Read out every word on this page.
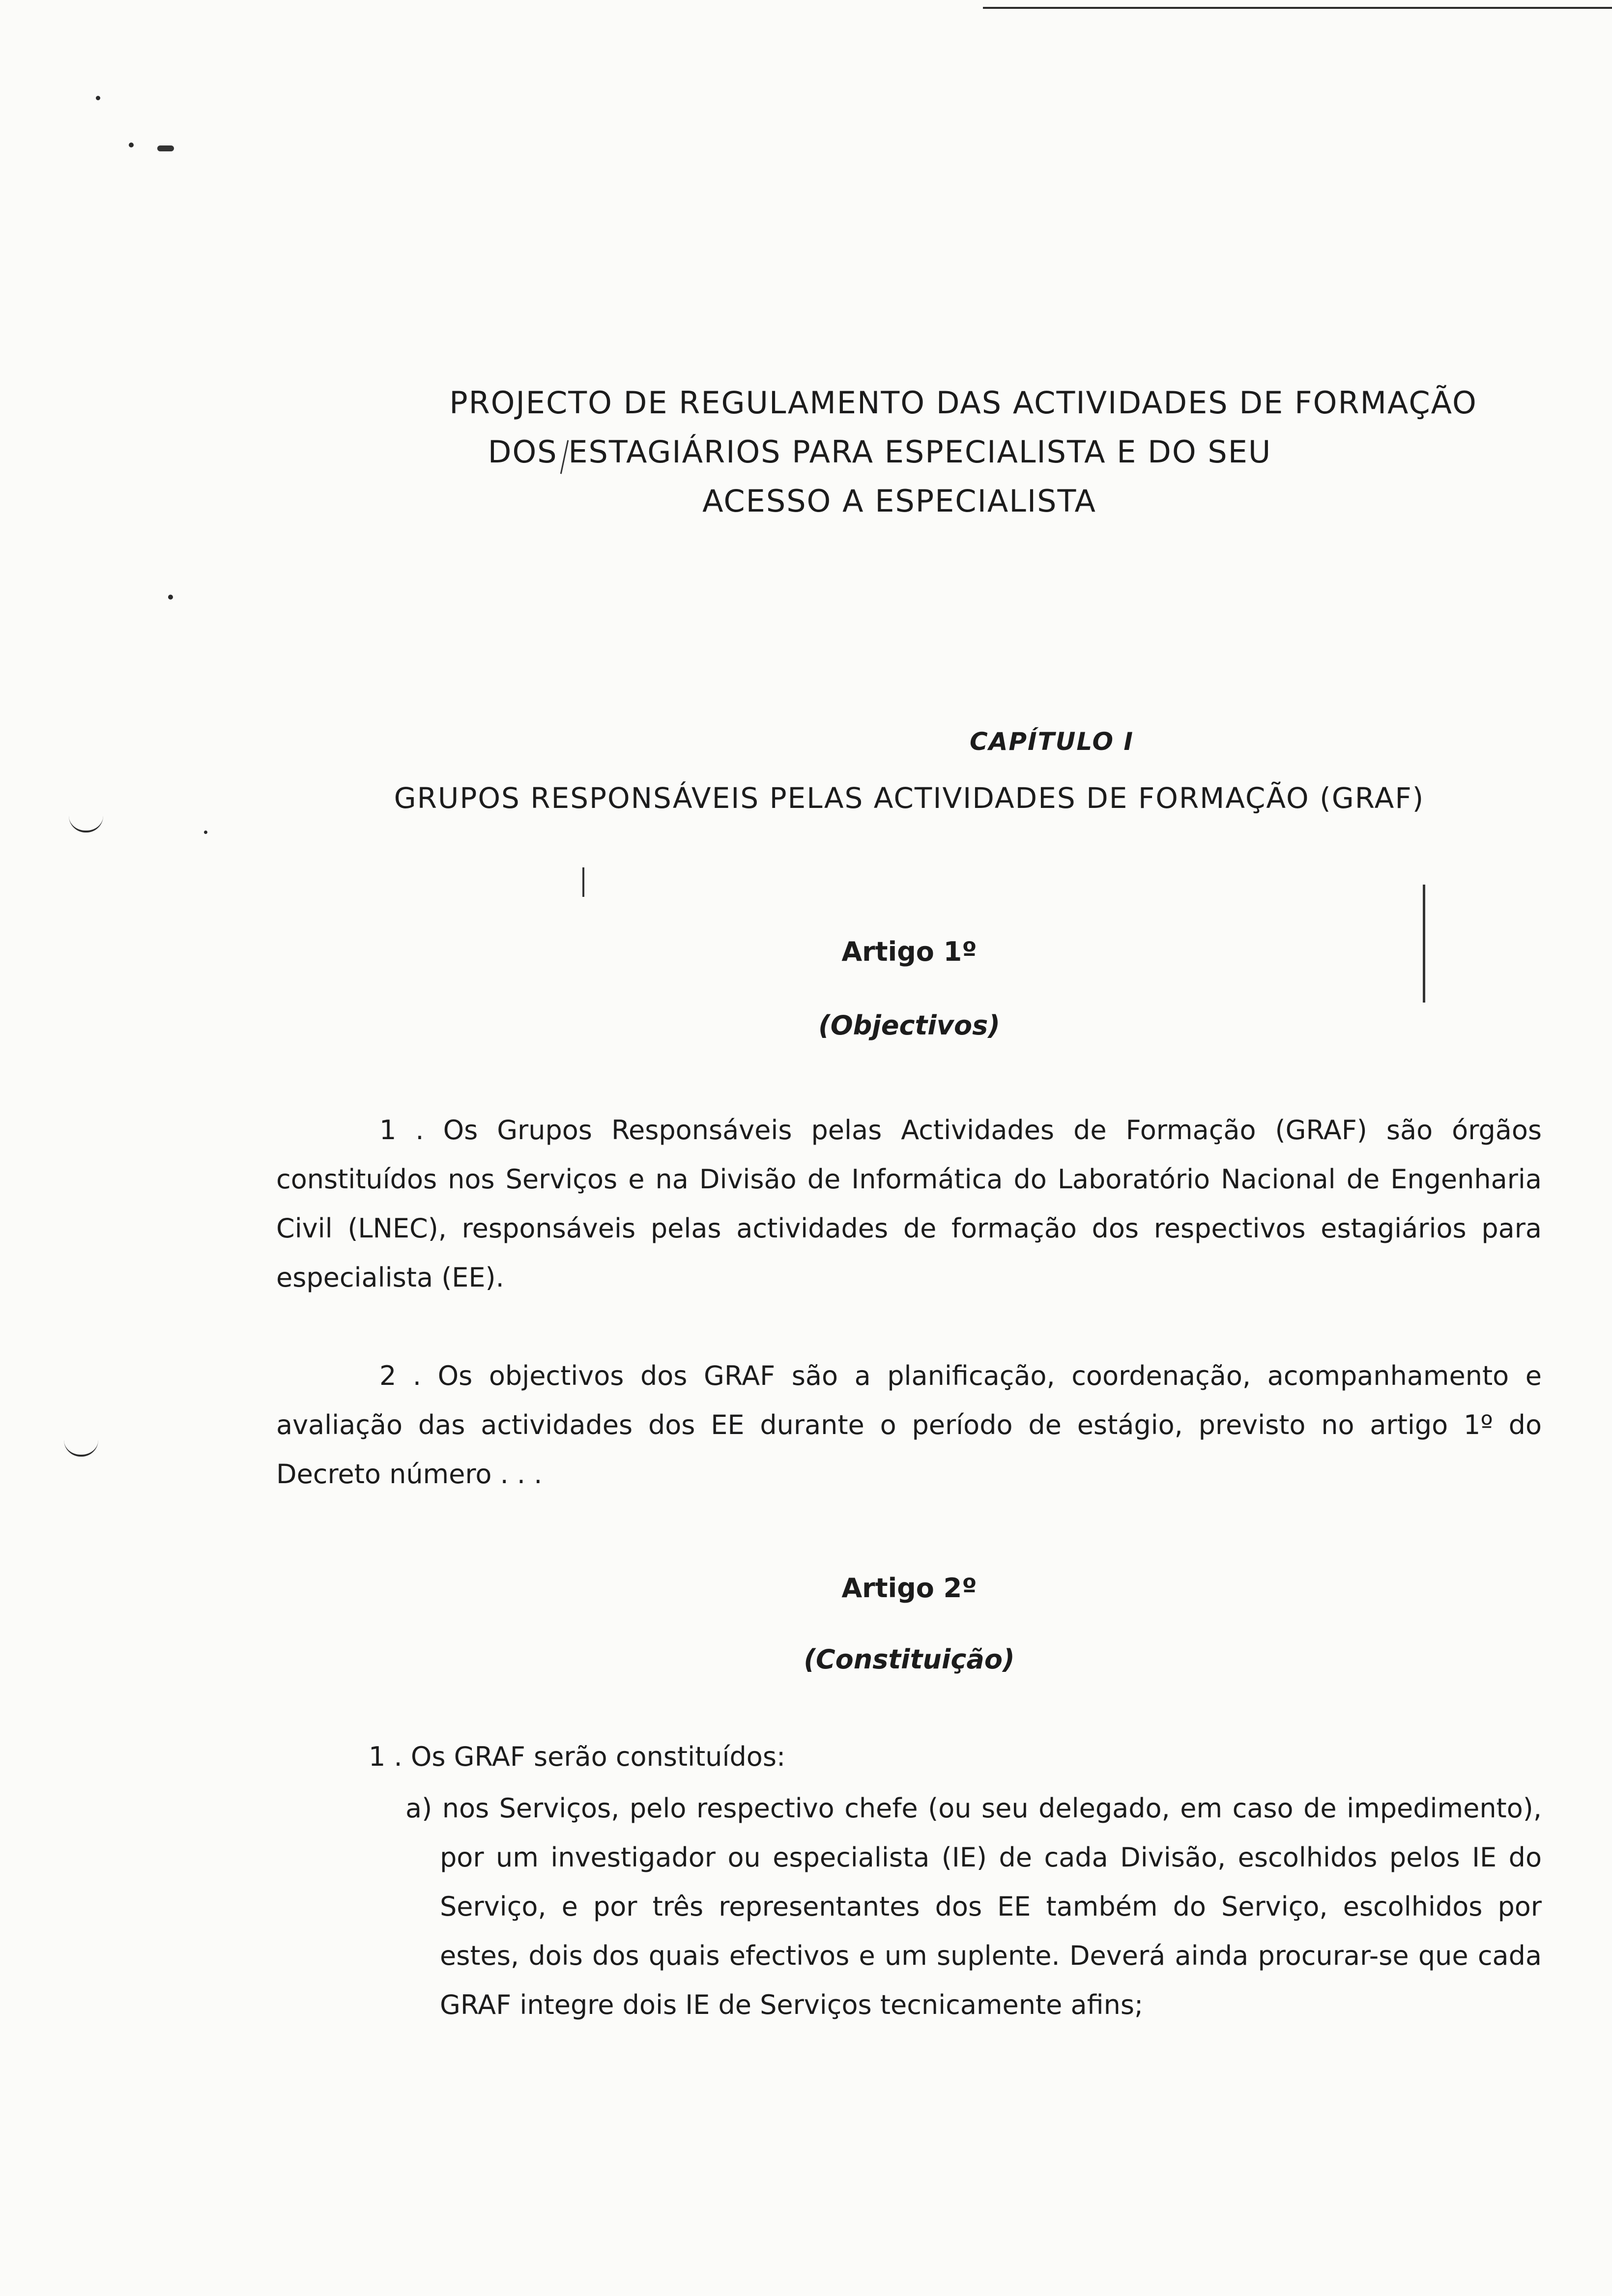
PROJECTO DE REGULAMENTO DAS ACTIVIDADES DE FORMAÇÃO
DOS ESTAGIÁRIOS PARA ESPECIALISTA E DO SEU
ACESSO A ESPECIALISTA
CAPÍTULO I
GRUPOS RESPONSÁVEIS PELAS ACTIVIDADES DE FORMAÇÃO (GRAF)
Artigo 1º
(Objectivos)
1 . Os Grupos Responsáveis pelas Actividades de Formação (GRAF) são órgãos constituídos nos Serviços e na Divisão de Informática do Laboratório Nacional de Engenharia Civil (LNEC), responsáveis pelas actividades de formação dos respectivos estagiários para especialista (EE).
2 . Os objectivos dos GRAF são a planificação, coordenação, acompanhamento e avaliação das actividades dos EE durante o período de estágio, previsto no artigo 1º do Decreto número . . .
Artigo 2º
(Constituição)
1 . Os GRAF serão constituídos:
a) nos Serviços, pelo respectivo chefe (ou seu delegado, em caso de impedimento), por um investigador ou especialista (IE) de cada Divisão, escolhidos pelos IE do Serviço, e por três representantes dos EE também do Serviço, escolhidos por estes, dois dos quais efectivos e um suplente. Deverá ainda procurar-se que cada GRAF integre dois IE de Serviços tecnicamente afins;
